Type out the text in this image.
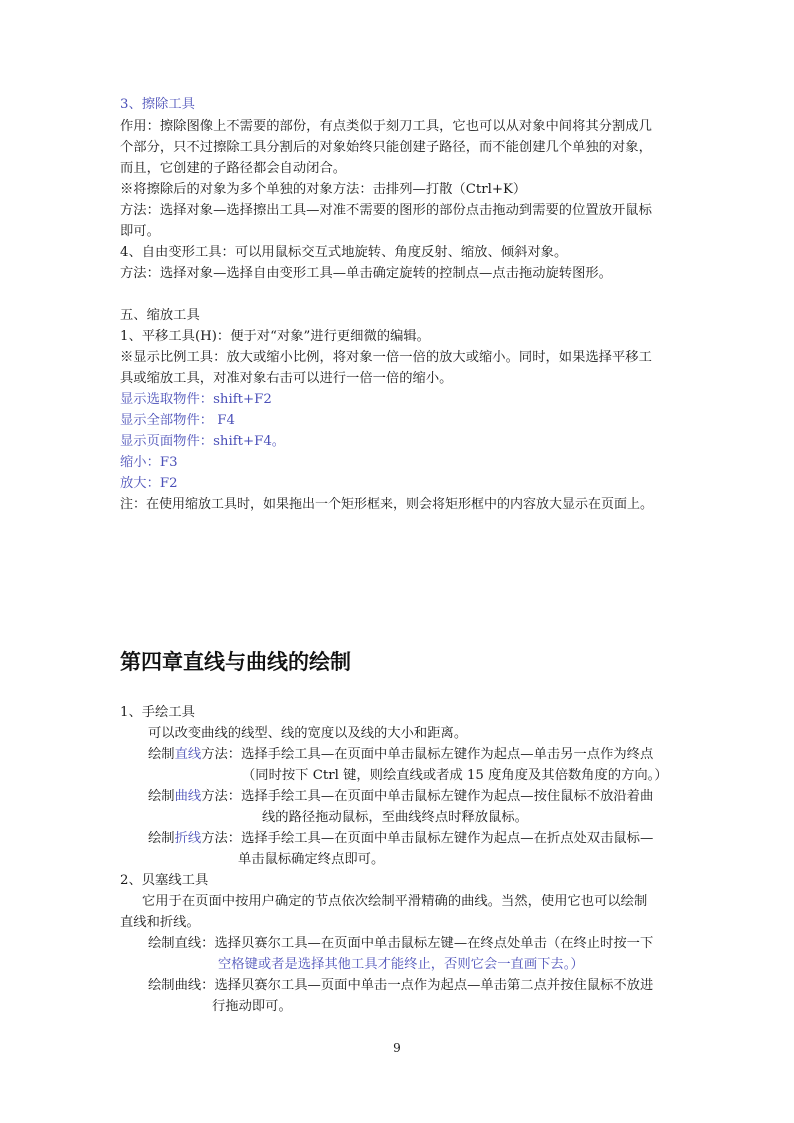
3、擦除工具
作用：擦除图像上不需要的部份，有点类似于刻刀工具，它也可以从对象中间将其分割成几
个部分，只不过擦除工具分割后的对象始终只能创建子路径，而不能创建几个单独的对象，
而且，它创建的子路径都会自动闭合。
※将擦除后的对象为多个单独的对象方法：击排列—打散（Ctrl+K）
方法：选择对象—选择擦出工具—对准不需要的图形的部份点击拖动到需要的位置放开鼠标
即可。
4、自由变形工具：可以用鼠标交互式地旋转、角度反射、缩放、倾斜对象。
方法：选择对象—选择自由变形工具—单击确定旋转的控制点—点击拖动旋转图形。
五、缩放工具
1、平移工具(H)：便于对“对象”进行更细微的编辑。
※显示比例工具：放大或缩小比例，将对象一倍一倍的放大或缩小。同时，如果选择平移工
具或缩放工具，对准对象右击可以进行一倍一倍的缩小。
显示选取物件：shift+F2
显示全部物件： F4
显示页面物件：shift+F4。
缩小：F3
放大：F2
注：在使用缩放工具时，如果拖出一个矩形框来，则会将矩形框中的内容放大显示在页面上。
第四章直线与曲线的绘制
1、手绘工具
可以改变曲线的线型、线的宽度以及线的大小和距离。
绘制直线方法：选择手绘工具—在页面中单击鼠标左键作为起点—单击另一点作为终点
（同时按下 Ctrl 键，则绘直线或者成 15 度角度及其倍数角度的方向。）
绘制曲线方法：选择手绘工具—在页面中单击鼠标左键作为起点—按住鼠标不放沿着曲
线的路径拖动鼠标，至曲线终点时释放鼠标。
绘制折线方法：选择手绘工具—在页面中单击鼠标左键作为起点—在折点处双击鼠标—
单击鼠标确定终点即可。
2、贝塞线工具
它用于在页面中按用户确定的节点依次绘制平滑精确的曲线。当然，使用它也可以绘制
直线和折线。
绘制直线：选择贝赛尔工具—在页面中单击鼠标左键—在终点处单击（在终止时按一下
空格键或者是选择其他工具才能终止，否则它会一直画下去。）
绘制曲线：选择贝赛尔工具—页面中单击一点作为起点—单击第二点并按住鼠标不放进
行拖动即可。
9
